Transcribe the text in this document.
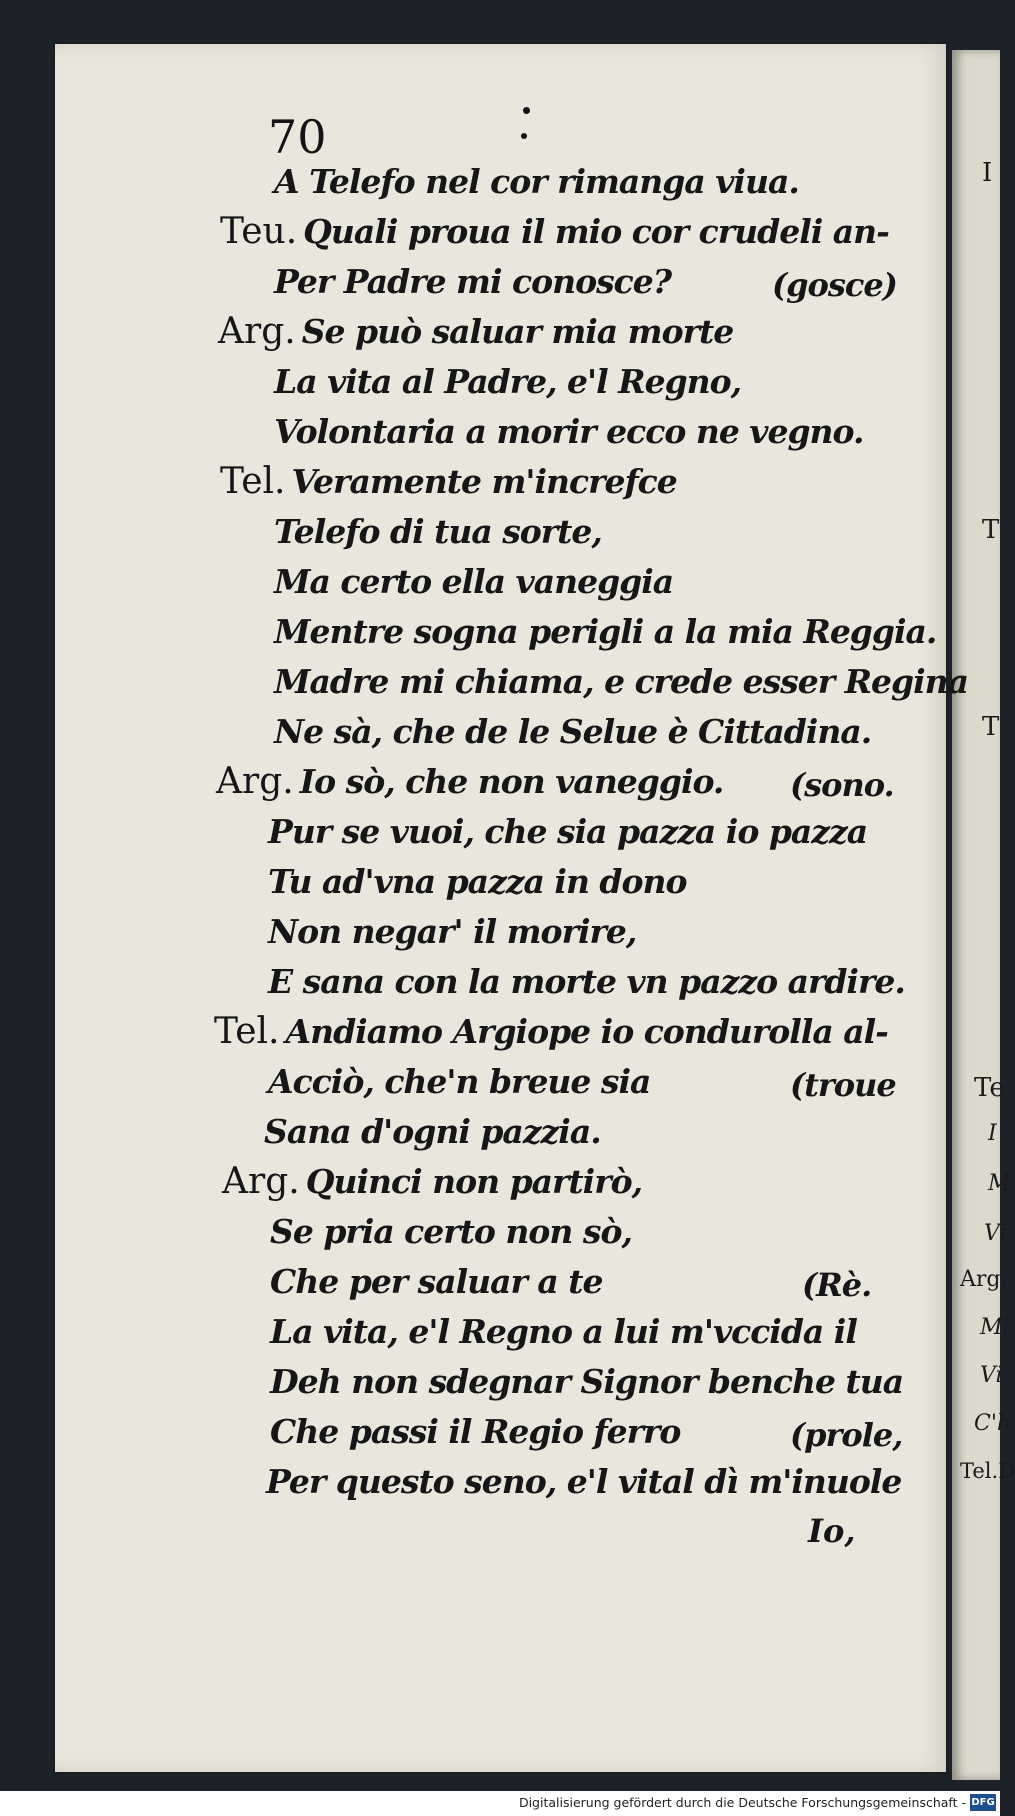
I
T
T
Te
I
M
Vi
Arg.
Mi
Vi
C'h
Tel.D
70
A Telefo nel cor rimanga viua.
Teu. Quali proua il mio cor crudeli an-
Per Padre mi conosce?
Arg. Se può saluar mia morte
La vita al Padre, e'l Regno,
Volontaria a morir ecco ne vegno.
Tel. Veramente m'increfce
Telefo di tua sorte,
Ma certo ella vaneggia
Mentre sogna perigli a la mia Reggia.
Madre mi chiama, e crede esser Regina
Ne sà, che de le Selue è Cittadina.
Arg. Io sò, che non vaneggio.
Pur se vuoi, che sia pazza io pazza
Tu ad'vna pazza in dono
Non negar' il morire,
E sana con la morte vn pazzo ardire.
Tel. Andiamo Argiope io condurolla al-
Acciò, che'n breue sia
Sana d'ogni pazzia.
Arg. Quinci non partirò,
Se pria certo non sò,
Che per saluar a te
La vita, e'l Regno a lui m'vccida il
Deh non sdegnar Signor benche tua
Che passi il Regio ferro
Per questo seno, e'l vital dì m'inuole
(gosce)
(sono.
(troue
(Rè.
(prole,
Io,
Digitalisierung gefördert durch die Deutsche Forschungsgemeinschaft - DFG
